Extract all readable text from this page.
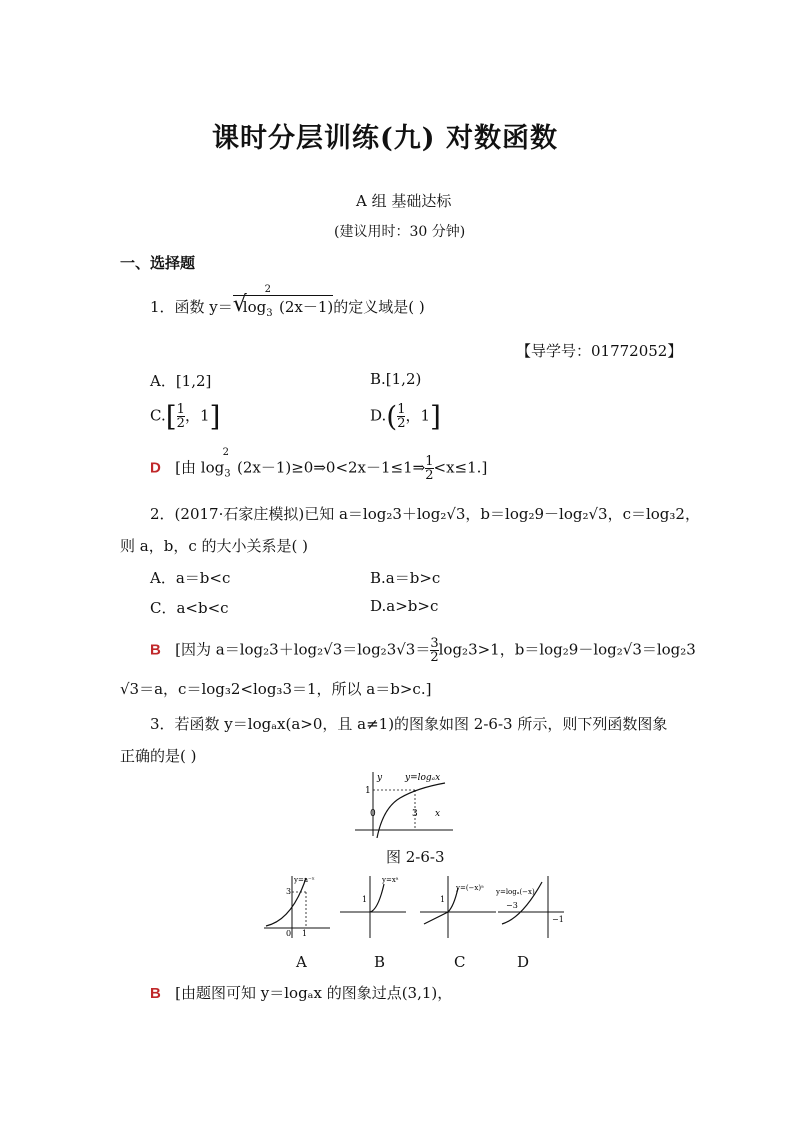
课时分层训练(九) 对数函数
A 组 基础达标
(建议用时：30 分钟)
一、选择题
1．函数 y＝ √
$\log_3^2(2x-1)$的定义域是( )
【导学号：01772052】
A．[1,2]	B.[1,2)
$C.[ \frac{1}{2}$ ，1]	$D.( \frac{1}{2}$ ，1]
D [由 $\log_3^2(2x-1)\ge 0\Rightarrow 0<2x-1\le 1\Rightarrow \frac{1}{2} <x\le 1$.]
2．(2017·石家庄模拟)已知 a＝log₂3＋log₂√3，b＝log₂9－log₂√3，c＝log₃2，
则 a，b，c 的大小关系是( )
A．a＝b<c	B.a＝b>c
C．a<b<c	D.a>b>c
B [因为 $a=\log_23+\log_2√3=\log_23√3= \frac{3}{2} \log_23>1$，b＝log₂9－log₂√3＝log₂3
√3＝a，c＝log₃2<log₃3＝1，所以 a＝b>c.]
3．若函数 y＝logₐx(a>0，且 a≠1)的图象如图 2-6-3 所示，则下列函数图象
正确的是( )
y	y=logₐx
1
0	3 x
图 2-6-3
3
0 1
y=a⁻ˣ
1
y=xᵃ
1
y=(−x)ᵃ
−3
−1
y=logₐ(−x)
A	B	C	D
B [由题图可知 y＝logₐx 的图象过点(3,1)，
